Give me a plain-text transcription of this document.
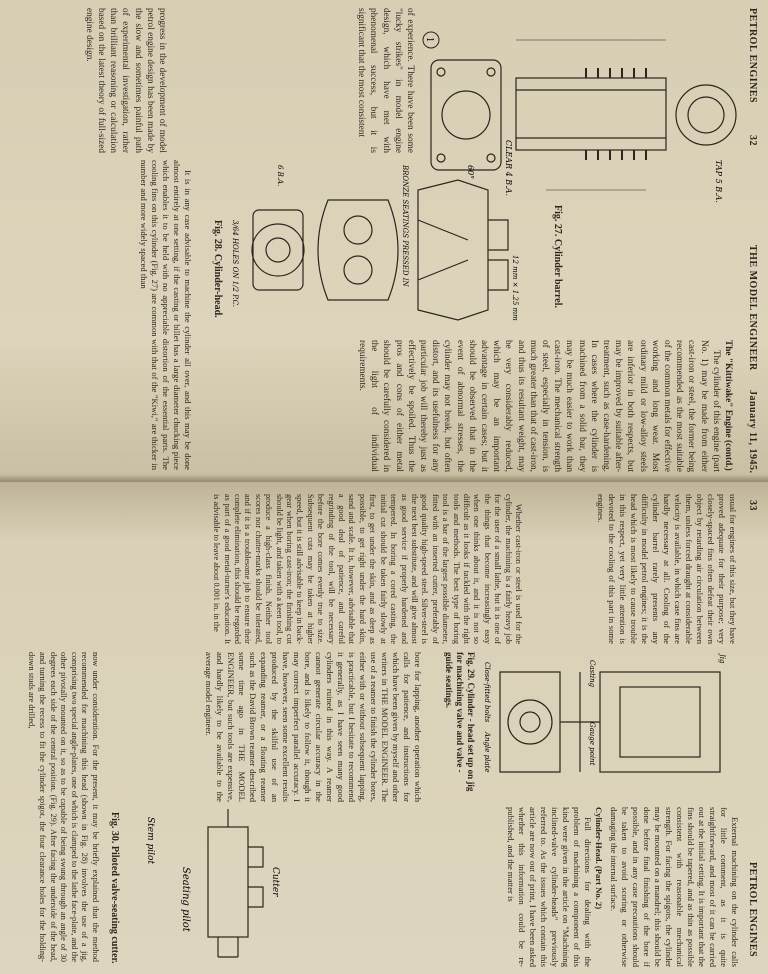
PETROL ENGINES
32
THE MODEL ENGINEER
January 11, 1945.
TAP 5 B.A.
CLEAR 4 B.A.
1
Fig. 27. Cylinder barrel.

of experience. There have been some "lucky strikes" in model engine design, which have met with phenomenal success, but it is significant that the most consistent

60°
12 mm × 1.25 mm
BRONZE SEATINGS PRESSED IN
3/64 HOLES ON 1/2 P.C.
6 B.A.
Fig. 28. Cylinder-head.

progress in the development of model petrol engine design has been made by the slow and sometimes painful path of experimental investigation, rather than brilliant reasoning or calculation based on the latest theory of full-sized engine design.

The "Kittiwake" Engine (contd.)

The cylinder of this engine (part No. 1) may be made from either cast-iron or steel, the former being recommended as the most suitable of the common metals for effective working and long wear. Most ordinary mild or low-alloy steels are inferior in both respects, but may be improved by suitable after-treatment, such as case-hardening. In cases where the cylinder is machined from a solid bar, they may be much easier to work than cast-iron. The mechanical strength of steel, especially in tension, is much greater than that of cast-iron, and thus its resultant weight, may be very considerably reduced, which may be an important advantage in certain cases; but it should be observed that in the event of abnormal stresses, the cylinder may not break, but often distort, and its usefulness for any particular job will thereby just as effectively be spoiled. Thus the pros and cons of either metal should be carefully considered in the light of individual requirements.

It is in any case advisable to machine the cylinder all over, and this may be done almost entirely at one setting, if the casting or billet has a large diameter chucking piece which enables it to be held with no appreciable distortion of the essential parts. The cooling fins on this cylinder (Fig. 27) are common with that of the "Kiwi," are thicker in number and more widely spaced than

33
PETROL ENGINES

usual for engines of this size, but they have proved adequate for their purpose; very closely-spaced fins often defeat their own object by retarding air circulation between them, unless forced draught at considerable velocity is available, in which case fins are hardly necessary at all. Cooling of the cylinder barrel rarely presents any difficulty in model petrol engines; it is the head which is most likely to cause trouble in this respect, yet very little attention is devoted to the cooling of this part in some engines.

Whether cast-iron or steel is used for the cylinder, the machining is a fairly heavy job for the user of a small lathe, but it is one of the things that become increasingly easy when one thinks about it, and it is not so difficult as it looks if tackled with the right tools and methods. The best type of boring tool is a bar of the largest possible diameter, fitted with an inserted cutter, preferably of good quality high-speed steel. Silver-steel is the next best substitute, and will give almost as good service if properly hardened and tempered. In boring a cored casting, the initial cut should be taken fairly slowly at first, to get under the skin, and as deep as possible, to get right under the hard skin, sand and scale. It is, however, advisable that a good deal of patience, and careful regrinding of the tool, will be necessary before the bore comes evenly true to size. Subsequent cuts may be taken at higher speed, but it is still advisable to keep in back-gear when boring cast-iron; the finishing cut should be light, and taken with a keen tool, to produce a high-class finish. Neither tool scores nor chatter-marks should be tolerated, and if it is a troublesome job to ensure their complete elimination, this should be regarded as part of a good metal-turner's education. It is advisable to leave about 0.001 in. in the

Casting
Gauge point
Close-fitted bolts
Angle plate
Jig
Fig. 29. Cylinder - head set up on jig for machining valve and valve - guide seatings.

bore for lapping, another operation which calls for patience, and instructions for which have been given by myself and other writers in THE MODEL ENGINEER. The use of a reamer to finish the cylinder bores, either with or without subsequent lapping, is practicable, but I hesitate to recommend it generally, as I have seen many good cylinders ruined in this way. A reamer cannot generate circular accuracy in the bore, and is likely to follow it, though it may correct imperfect parallel accuracy. I have, however, seen some excellent results produced by the skilful use of an expanding reamer, or a floating reamer such as the David Brown reamer described some time ago in THE MODEL ENGINEER, but such tools are expensive, and hardly likely to be available to the average model engineer.

External machining on the cylinder calls for little comment, as it is quite straightforward, and most of it can be carried out at the initial setting. It is important that the fins should be tapered, and as thin as possible consistent with reasonable mechanical strength. For facing the spigots, the cylinder may be mounted on a mandrel; this should be done before final finishing of the bore if possible, and in any case precautions should be taken to avoid scoring or otherwise damaging the internal surface.

Cylinder-Head. (Part No. 2)

Full directions for dealing with the problem of machining a component of this kind were given in the article on "Machining inclined-valve cylinder-heads" previously referred to. As the issues which contain this article are now out of print, I have been asked whether this information could be re-published, and the matter is

Cutter
Seating pilot
Stem pilot
Fig. 30. Piloted valve-seating cutter.

now under consideration. For the present, it may be briefly explained that the method recommended for machining this head (shown in Fig. 28) involves the use of a jig, comprising two special angle-plates, one of which is clamped to the lathe face-plate, and the other pivotally mounted on it, so as to be capable of being swung through an angle of 30 degrees each side of the central position. (Fig. 29). After facing the underside of the head, and turning the recess to fit the cylinder spigot, the four clearance holes for the holding-down studs are drilled,
